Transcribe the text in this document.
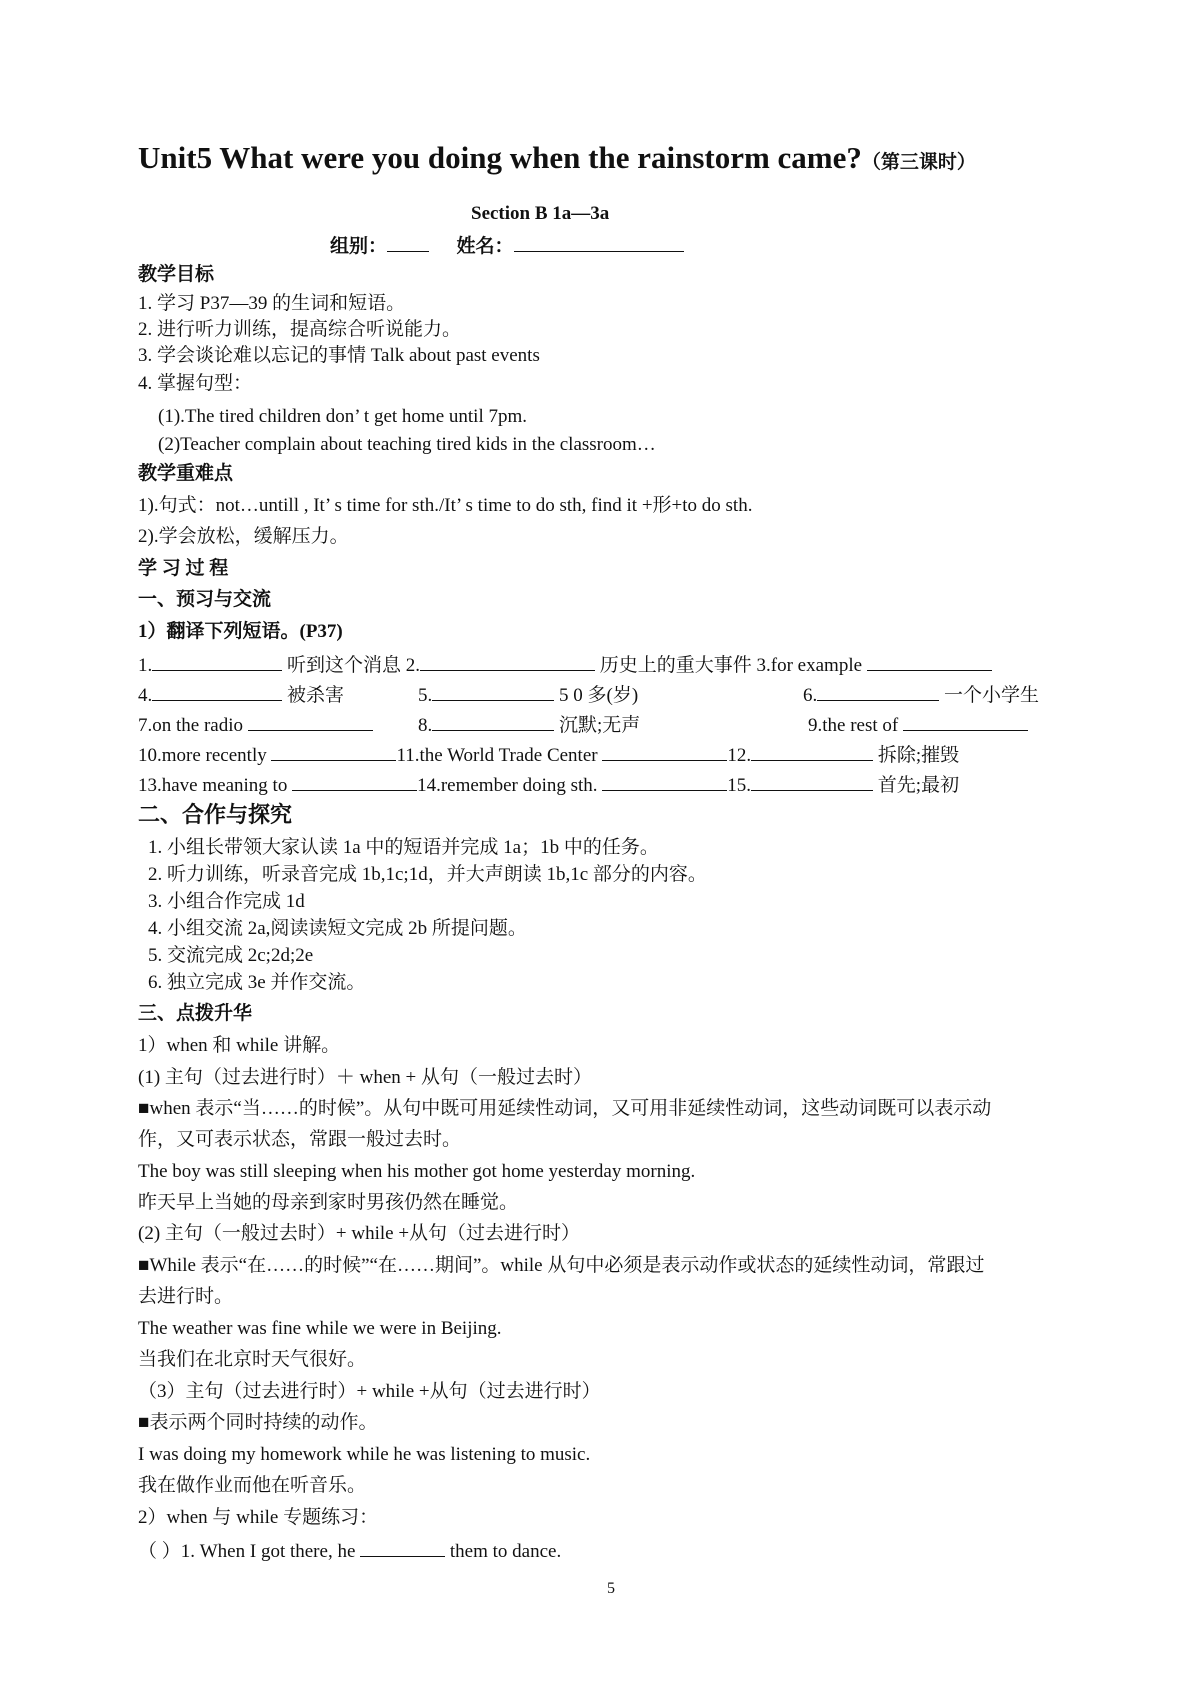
Unit5 What were you doing when the rainstorm came?（第三课时）
Section B 1a—3a
组别：	姓名：
教学目标
1. 学习 P37—39 的生词和短语。
2. 进行听力训练，提高综合听说能力。
3. 学会谈论难以忘记的事情 Talk about past events
4. 掌握句型：
(1).The tired children don’ t get home until 7pm.
(2)Teacher complain about teaching tired kids in the classroom…
教学重难点
1).句式：not…untill , It’ s time for sth./It’ s time to do sth, find it +形+to do sth.
2).学会放松，缓解压力。
学 习 过 程
一、预习与交流
1）翻译下列短语。(P37)
1.	听到这个消息 2.	历史上的重大事件 3.for example
4.	被杀害	5.	5 0 多(岁)	6.	一个小学生
7.on the radio	8.	沉默;无声	9.the rest of
10.more recently	11.the World Trade Center	12.	拆除;摧毁
13.have meaning to	14.remember doing sth.	15.	首先;最初
二、合作与探究
1. 小组长带领大家认读 1a 中的短语并完成 1a；1b 中的任务。
2. 听力训练，听录音完成 1b,1c;1d，并大声朗读 1b,1c 部分的内容。
3. 小组合作完成 1d
4. 小组交流 2a,阅读读短文完成 2b 所提问题。
5. 交流完成 2c;2d;2e
6. 独立完成 3e 并作交流。
三、点拨升华
1）when 和 while 讲解。
(1) 主句（过去进行时）＋ when + 从句（一般过去时）
■when 表示“当……的时候”。从句中既可用延续性动词，又可用非延续性动词，这些动词既可以表示动
作，又可表示状态，常跟一般过去时。
The boy was still sleeping when his mother got home yesterday morning.
昨天早上当她的母亲到家时男孩仍然在睡觉。
(2) 主句（一般过去时）+ while +从句（过去进行时）
■While 表示“在……的时候”“在……期间”。while 从句中必须是表示动作或状态的延续性动词，常跟过
去进行时。
The weather was fine while we were in Beijing.
当我们在北京时天气很好。
（3）主句（过去进行时）+ while +从句（过去进行时）
■表示两个同时持续的动作。
I was doing my homework while he was listening to music.
我在做作业而他在听音乐。
2）when 与 while 专题练习：
（ ）1. When I got there, he	them to dance.
5
